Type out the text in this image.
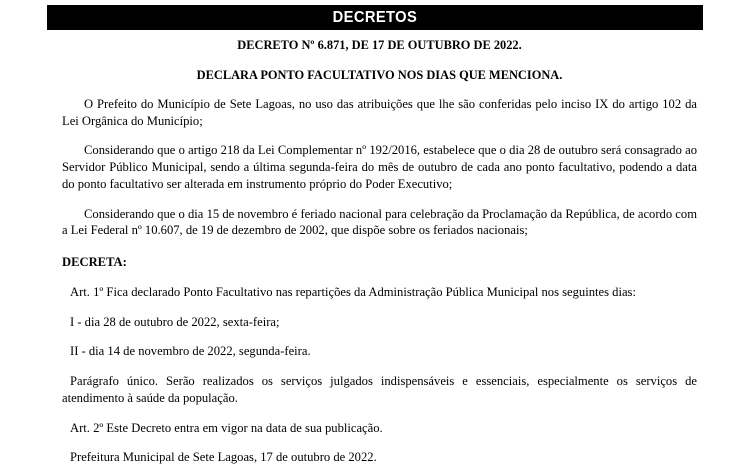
DECRETOS

DECRETO Nº 6.871, DE 17 DE OUTUBRO DE 2022.

DECLARA PONTO FACULTATIVO NOS DIAS QUE MENCIONA.

O Prefeito do Município de Sete Lagoas, no uso das atribuições que lhe são conferidas pelo inciso IX do artigo 102 da Lei Orgânica do Município;

Considerando que o artigo 218 da Lei Complementar nº 192/2016, estabelece que o dia 28 de outubro será consagrado ao Servidor Público Municipal, sendo a última segunda-feira do mês de outubro de cada ano ponto facultativo, podendo a data do ponto facultativo ser alterada em instrumento próprio do Poder Executivo;

Considerando que o dia 15 de novembro é feriado nacional para celebração da Proclamação da República, de acordo com a Lei Federal nº 10.607, de 19 de dezembro de 2002, que dispõe sobre os feriados nacionais;

DECRETA:

Art. 1º Fica declarado Ponto Facultativo nas repartições da Administração Pública Municipal nos seguintes dias:

I - dia 28 de outubro de 2022, sexta-feira;

II - dia 14 de novembro de 2022, segunda-feira.

Parágrafo único. Serão realizados os serviços julgados indispensáveis e essenciais, especialmente os serviços de atendimento à saúde da população.

Art. 2º Este Decreto entra em vigor na data de sua publicação.

Prefeitura Municipal de Sete Lagoas, 17 de outubro de 2022.
